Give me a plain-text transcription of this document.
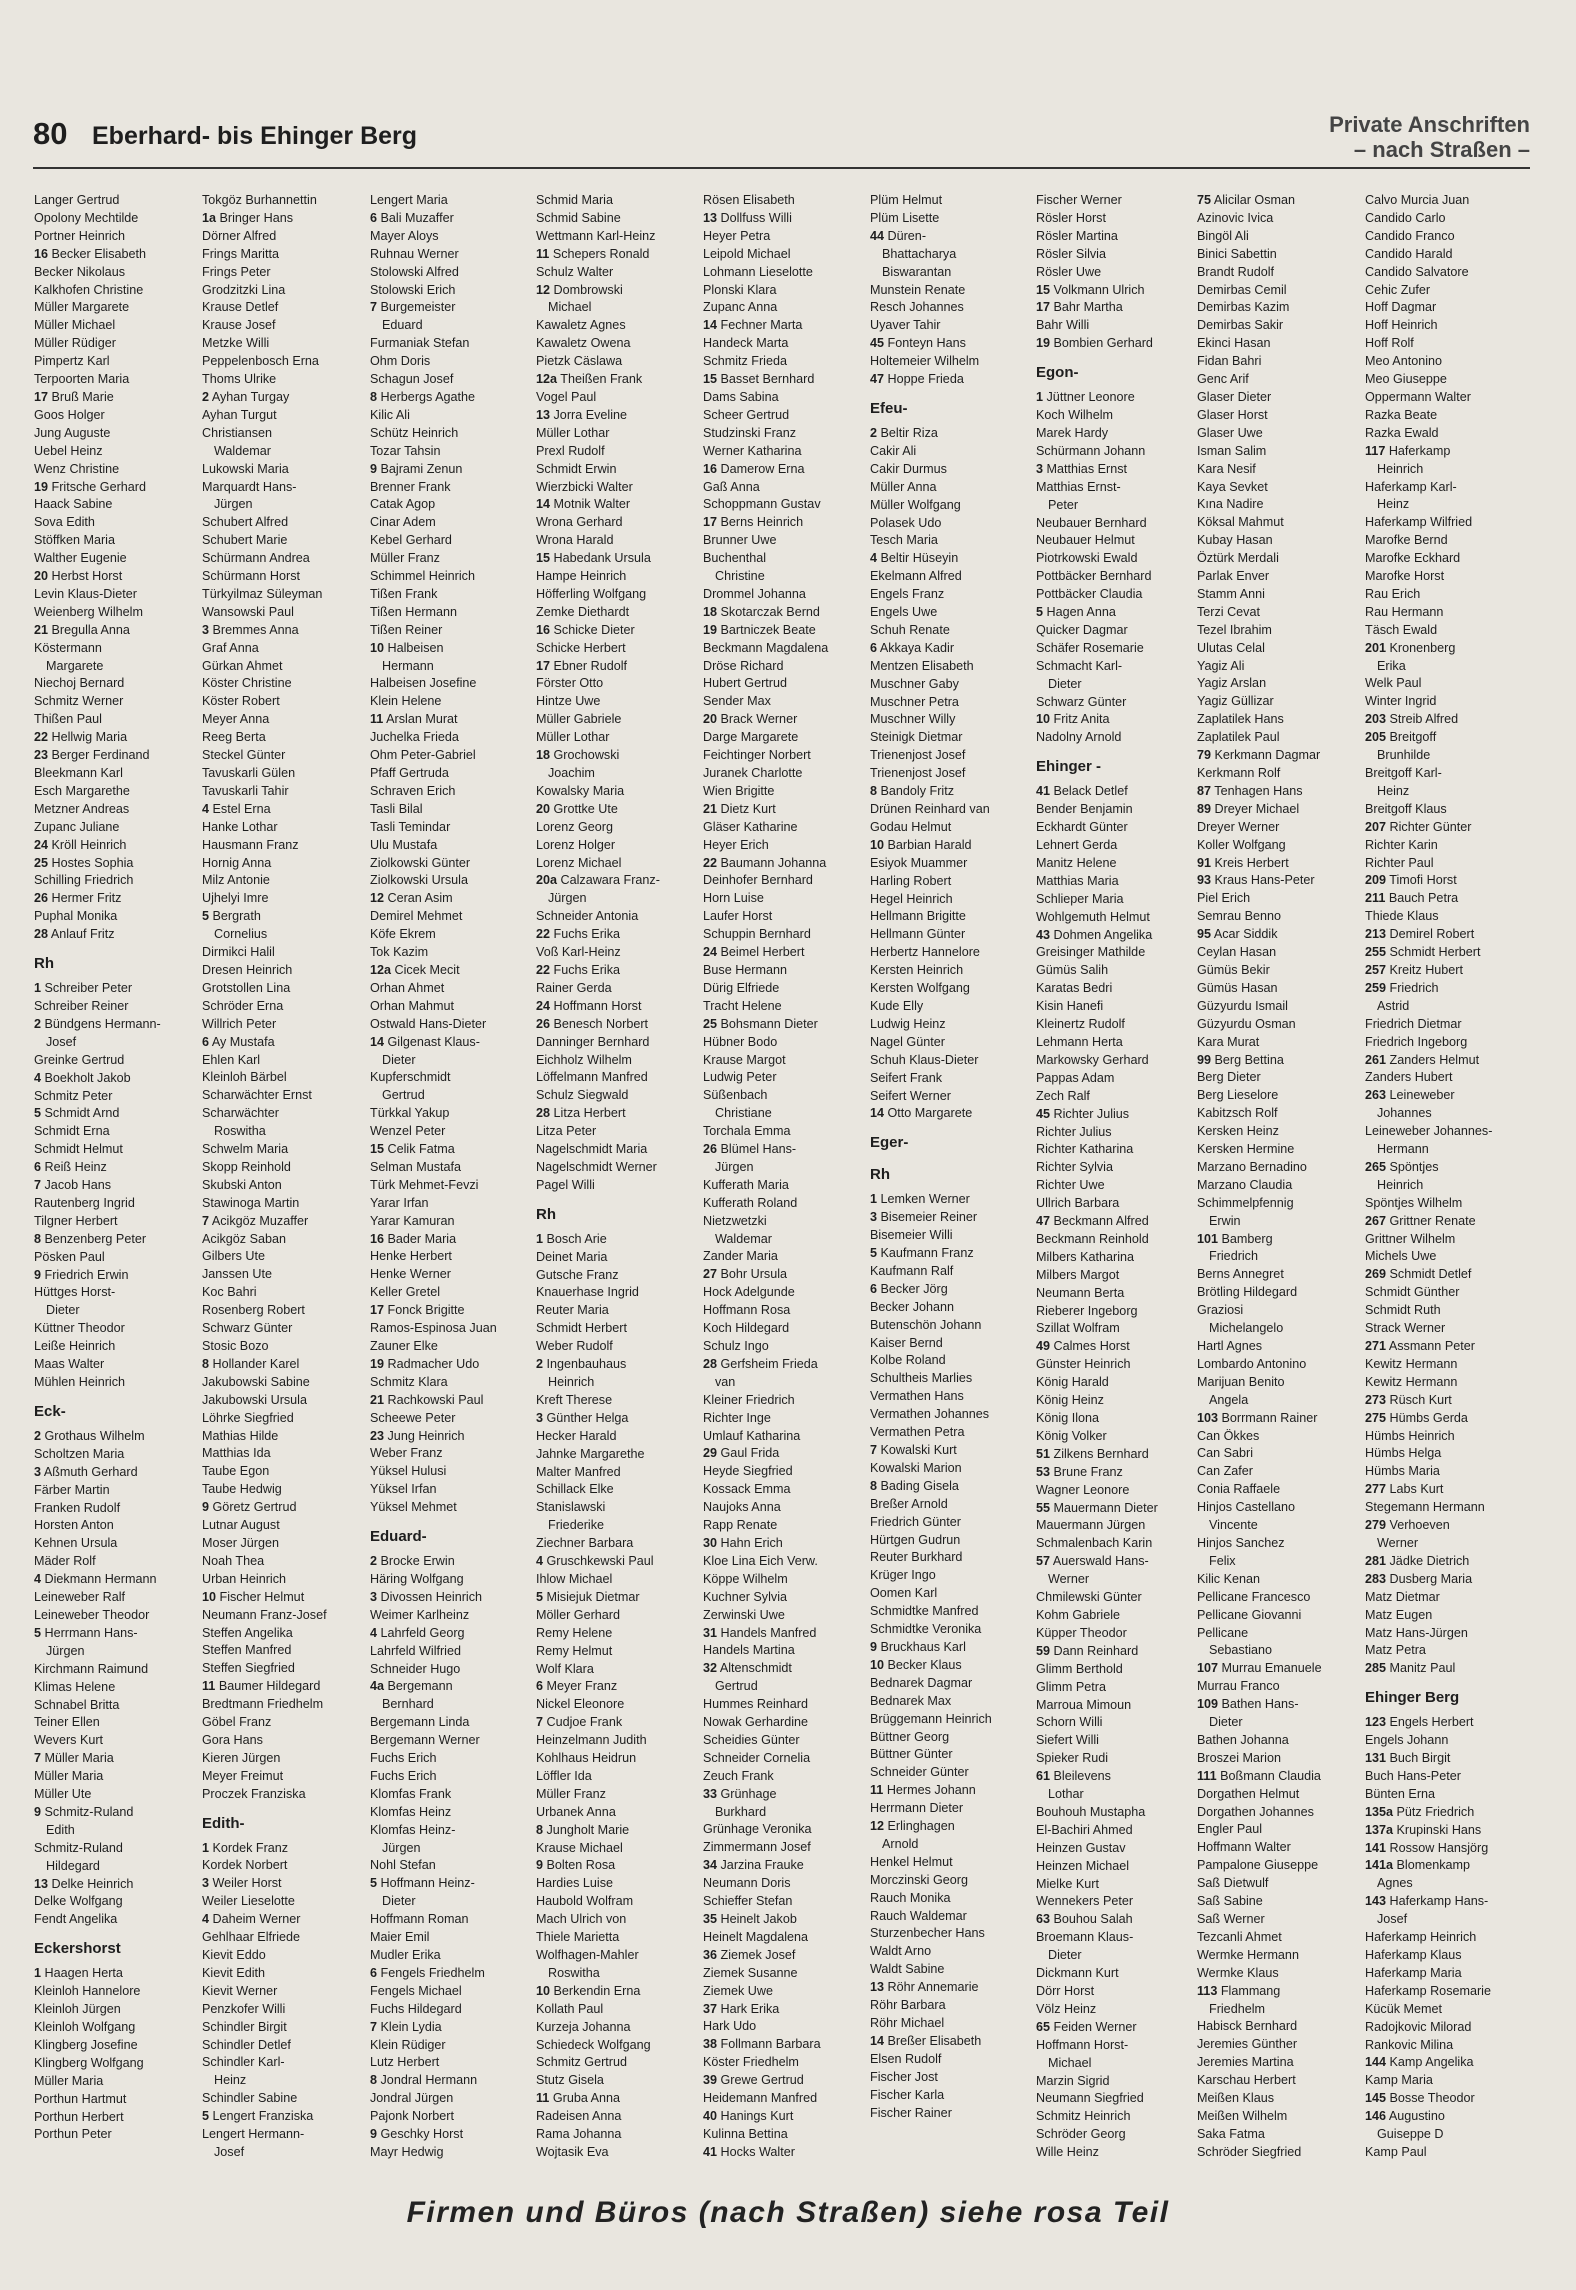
80 Eberhard- bis Ehinger Berg	Private Anschriften
– nach Straßen –
Langer Gertrud
Opolony Mechtilde
Portner Heinrich
16 Becker Elisabeth
Becker Nikolaus
Kalkhofen Christine
Müller Margarete
Müller Michael
Müller Rüdiger
Pimpertz Karl
Terpoorten Maria
17 Bruß Marie
Goos Holger
Jung Auguste
Uebel Heinz
Wenz Christine
19 Fritsche Gerhard
Haack Sabine
Sova Edith
Stöffken Maria
Walther Eugenie
20 Herbst Horst
Levin Klaus-Dieter
Weienberg Wilhelm
21 Bregulla Anna
Köstermann
Margarete
Niechoj Bernard
Schmitz Werner
Thißen Paul
22 Hellwig Maria
23 Berger Ferdinand
Bleekmann Karl
Esch Margarethe
Metzner Andreas
Zupanc Juliane
24 Kröll Heinrich
25 Hostes Sophia
Schilling Friedrich
26 Hermer Fritz
Puphal Monika
28 Anlauf Fritz
Rh
1 Schreiber Peter
Schreiber Reiner
2 Bündgens Hermann-
Josef
Greinke Gertrud
4 Boekholt Jakob
Schmitz Peter
5 Schmidt Arnd
Schmidt Erna
Schmidt Helmut
6 Reiß Heinz
7 Jacob Hans
Rautenberg Ingrid
Tilgner Herbert
8 Benzenberg Peter
Pösken Paul
9 Friedrich Erwin
Hüttges Horst-
Dieter
Küttner Theodor
Leiße Heinrich
Maas Walter
Mühlen Heinrich
Eck-
2 Grothaus Wilhelm
Scholtzen Maria
3 Aßmuth Gerhard
Färber Martin
Franken Rudolf
Horsten Anton
Kehnen Ursula
Mäder Rolf
4 Diekmann Hermann
Leineweber Ralf
Leineweber Theodor
5 Herrmann Hans-
Jürgen
Kirchmann Raimund
Klimas Helene
Schnabel Britta
Teiner Ellen
Wevers Kurt
7 Müller Maria
Müller Maria
Müller Ute
9 Schmitz-Ruland
Edith
Schmitz-Ruland
Hildegard
13 Delke Heinrich
Delke Wolfgang
Fendt Angelika
Eckershorst
1 Haagen Herta
Kleinloh Hannelore
Kleinloh Jürgen
Kleinloh Wolfgang
Klingberg Josefine
Klingberg Wolfgang
Müller Maria
Porthun Hartmut
Porthun Herbert
Porthun Peter
Tokgöz Burhannettin
1a Bringer Hans
Dörner Alfred
Frings Maritta
Frings Peter
Grodzitzki Lina
Krause Detlef
Krause Josef
Metzke Willi
Peppelenbosch Erna
Thoms Ulrike
2 Ayhan Turgay
Ayhan Turgut
Christiansen
Waldemar
Lukowski Maria
Marquardt Hans-
Jürgen
Schubert Alfred
Schubert Marie
Schürmann Andrea
Schürmann Horst
Türkyilmaz Süleyman
Wansowski Paul
3 Bremmes Anna
Graf Anna
Gürkan Ahmet
Köster Christine
Köster Robert
Meyer Anna
Reeg Berta
Steckel Günter
Tavuskarli Gülen
Tavuskarli Tahir
4 Estel Erna
Hanke Lothar
Hausmann Franz
Hornig Anna
Milz Antonie
Ujhelyi Imre
5 Bergrath
Cornelius
Dirmikci Halil
Dresen Heinrich
Grotstollen Lina
Schröder Erna
Willrich Peter
6 Ay Mustafa
Ehlen Karl
Kleinloh Bärbel
Scharwächter Ernst
Scharwächter
Roswitha
Schwelm Maria
Skopp Reinhold
Skubski Anton
Stawinoga Martin
7 Acikgöz Muzaffer
Acikgöz Saban
Gilbers Ute
Janssen Ute
Koc Bahri
Rosenberg Robert
Schwarz Günter
Stosic Bozo
8 Hollander Karel
Jakubowski Sabine
Jakubowski Ursula
Löhrke Siegfried
Mathias Hilde
Matthias Ida
Taube Egon
Taube Hedwig
9 Göretz Gertrud
Lutnar August
Moser Jürgen
Noah Thea
Urban Heinrich
10 Fischer Helmut
Neumann Franz-Josef
Steffen Angelika
Steffen Manfred
Steffen Siegfried
11 Baumer Hildegard
Bredtmann Friedhelm
Göbel Franz
Gora Hans
Kieren Jürgen
Meyer Freimut
Proczek Franziska
Edith-
1 Kordek Franz
Kordek Norbert
3 Weiler Horst
Weiler Lieselotte
4 Daheim Werner
Gehlhaar Elfriede
Kievit Eddo
Kievit Edith
Kievit Werner
Penzkofer Willi
Schindler Birgit
Schindler Detlef
Schindler Karl-
Heinz
Schindler Sabine
5 Lengert Franziska
Lengert Hermann-
Josef
Lengert Maria
6 Bali Muzaffer
Mayer Aloys
Ruhnau Werner
Stolowski Alfred
Stolowski Erich
7 Burgemeister
Eduard
Furmaniak Stefan
Ohm Doris
Schagun Josef
8 Herbergs Agathe
Kilic Ali
Schütz Heinrich
Tozar Tahsin
9 Bajrami Zenun
Brenner Frank
Catak Agop
Cinar Adem
Kebel Gerhard
Müller Franz
Schimmel Heinrich
Tißen Frank
Tißen Hermann
Tißen Reiner
10 Halbeisen
Hermann
Halbeisen Josefine
Klein Helene
11 Arslan Murat
Juchelka Frieda
Ohm Peter-Gabriel
Pfaff Gertruda
Schraven Erich
Tasli Bilal
Tasli Temindar
Ulu Mustafa
Ziolkowski Günter
Ziolkowski Ursula
12 Ceran Asim
Demirel Mehmet
Köfe Ekrem
Tok Kazim
12a Cicek Mecit
Orhan Ahmet
Orhan Mahmut
Ostwald Hans-Dieter
14 Gilgenast Klaus-
Dieter
Kupferschmidt
Gertrud
Türkkal Yakup
Wenzel Peter
15 Celik Fatma
Selman Mustafa
Türk Mehmet-Fevzi
Yarar Irfan
Yarar Kamuran
16 Bader Maria
Henke Herbert
Henke Werner
Keller Gretel
17 Fonck Brigitte
Ramos-Espinosa Juan
Zauner Elke
19 Radmacher Udo
Schmitz Klara
21 Rachkowski Paul
Scheewe Peter
23 Jung Heinrich
Weber Franz
Yüksel Hulusi
Yüksel Irfan
Yüksel Mehmet
Eduard-
2 Brocke Erwin
Häring Wolfgang
3 Divossen Heinrich
Weimer Karlheinz
4 Lahrfeld Georg
Lahrfeld Wilfried
Schneider Hugo
4a Bergemann
Bernhard
Bergemann Linda
Bergemann Werner
Fuchs Erich
Fuchs Erich
Klomfas Frank
Klomfas Heinz
Klomfas Heinz-
Jürgen
Nohl Stefan
5 Hoffmann Heinz-
Dieter
Hoffmann Roman
Maier Emil
Mudler Erika
6 Fengels Friedhelm
Fengels Michael
Fuchs Hildegard
7 Klein Lydia
Klein Rüdiger
Lutz Herbert
8 Jondral Hermann
Jondral Jürgen
Pajonk Norbert
9 Geschky Horst
Mayr Hedwig
Schmid Maria
Schmid Sabine
Wettmann Karl-Heinz
11 Schepers Ronald
Schulz Walter
12 Dombrowski
Michael
Kawaletz Agnes
Kawaletz Owena
Pietzk Cäslawa
12a Theißen Frank
Vogel Paul
13 Jorra Eveline
Müller Lothar
Prexl Rudolf
Schmidt Erwin
Wierzbicki Walter
14 Motnik Walter
Wrona Gerhard
Wrona Harald
15 Habedank Ursula
Hampe Heinrich
Höfferling Wolfgang
Zemke Diethardt
16 Schicke Dieter
Schicke Herbert
17 Ebner Rudolf
Förster Otto
Hintze Uwe
Müller Gabriele
Müller Lothar
18 Grochowski
Joachim
Kowalsky Maria
20 Grottke Ute
Lorenz Georg
Lorenz Holger
Lorenz Michael
20a Calzawara Franz-
Jürgen
Schneider Antonia
22 Fuchs Erika
Voß Karl-Heinz
22 Fuchs Erika
Rainer Gerda
24 Hoffmann Horst
26 Benesch Norbert
Danninger Bernhard
Eichholz Wilhelm
Löffelmann Manfred
Schulz Siegwald
28 Litza Herbert
Litza Peter
Nagelschmidt Maria
Nagelschmidt Werner
Pagel Willi
Rh
1 Bosch Arie
Deinet Maria
Gutsche Franz
Knauerhase Ingrid
Reuter Maria
Schmidt Herbert
Weber Rudolf
2 Ingenbauhaus
Heinrich
Kreft Therese
3 Günther Helga
Hecker Harald
Jahnke Margarethe
Malter Manfred
Schillack Elke
Stanislawski
Friederike
Ziechner Barbara
4 Gruschkewski Paul
Ihlow Michael
5 Misiejuk Dietmar
Möller Gerhard
Remy Helene
Remy Helmut
Wolf Klara
6 Meyer Franz
Nickel Eleonore
7 Cudjoe Frank
Heinzelmann Judith
Kohlhaus Heidrun
Löffler Ida
Müller Franz
Urbanek Anna
8 Jungholt Marie
Krause Michael
9 Bolten Rosa
Hardies Luise
Haubold Wolfram
Mach Ulrich von
Thiele Marietta
Wolfhagen-Mahler
Roswitha
10 Berkendin Erna
Kollath Paul
Kurzeja Johanna
Schiedeck Wolfgang
Schmitz Gertrud
Stutz Gisela
11 Gruba Anna
Radeisen Anna
Rama Johanna
Wojtasik Eva
Rösen Elisabeth
13 Dollfuss Willi
Heyer Petra
Leipold Michael
Lohmann Lieselotte
Plonski Klara
Zupanc Anna
14 Fechner Marta
Handeck Marta
Schmitz Frieda
15 Basset Bernhard
Dams Sabina
Scheer Gertrud
Studzinski Franz
Werner Katharina
16 Damerow Erna
Gaß Anna
Schoppmann Gustav
17 Berns Heinrich
Brunner Uwe
Buchenthal
Christine
Drommel Johanna
18 Skotarczak Bernd
19 Bartniczek Beate
Beckmann Magdalena
Dröse Richard
Hubert Gertrud
Sender Max
20 Brack Werner
Darge Margarete
Feichtinger Norbert
Juranek Charlotte
Wien Brigitte
21 Dietz Kurt
Gläser Katharine
Heyer Erich
22 Baumann Johanna
Deinhofer Bernhard
Horn Luise
Laufer Horst
Schuppin Bernhard
24 Beimel Herbert
Buse Hermann
Dürig Elfriede
Tracht Helene
25 Bohsmann Dieter
Hübner Bodo
Krause Margot
Ludwig Peter
Süßenbach
Christiane
Torchala Emma
26 Blümel Hans-
Jürgen
Kufferath Maria
Kufferath Roland
Nietzwetzki
Waldemar
Zander Maria
27 Bohr Ursula
Hock Adelgunde
Hoffmann Rosa
Koch Hildegard
Schulz Ingo
28 Gerfsheim Frieda
van
Kleiner Friedrich
Richter Inge
Umlauf Katharina
29 Gaul Frida
Heyde Siegfried
Kossack Emma
Naujoks Anna
Rapp Renate
30 Hahn Erich
Kloe Lina Eich Verw.
Köppe Wilhelm
Kuchner Sylvia
Zerwinski Uwe
31 Handels Manfred
Handels Martina
32 Altenschmidt
Gertrud
Hummes Reinhard
Nowak Gerhardine
Scheidies Günter
Schneider Cornelia
Zeuch Frank
33 Grünhage
Burkhard
Grünhage Veronika
Zimmermann Josef
34 Jarzina Frauke
Neumann Doris
Schieffer Stefan
35 Heinelt Jakob
Heinelt Magdalena
36 Ziemek Josef
Ziemek Susanne
Ziemek Uwe
37 Hark Erika
Hark Udo
38 Follmann Barbara
Köster Friedhelm
39 Grewe Gertrud
Heidemann Manfred
40 Hanings Kurt
Kulinna Bettina
41 Hocks Walter
Plüm Helmut
Plüm Lisette
44 Düren-
Bhattacharya
Biswarantan
Munstein Renate
Resch Johannes
Uyaver Tahir
45 Fonteyn Hans
Holtemeier Wilhelm
47 Hoppe Frieda
Efeu-
2 Beltir Riza
Cakir Ali
Cakir Durmus
Müller Anna
Müller Wolfgang
Polasek Udo
Tesch Maria
4 Beltir Hüseyin
Ekelmann Alfred
Engels Franz
Engels Uwe
Schuh Renate
6 Akkaya Kadir
Mentzen Elisabeth
Muschner Gaby
Muschner Petra
Muschner Willy
Steinigk Dietmar
Trienenjost Josef
Trienenjost Josef
8 Bandoly Fritz
Drünen Reinhard van
Godau Helmut
10 Barbian Harald
Esiyok Muammer
Harling Robert
Hegel Heinrich
Hellmann Brigitte
Hellmann Günter
Herbertz Hannelore
Kersten Heinrich
Kersten Wolfgang
Kude Elly
Ludwig Heinz
Nagel Günter
Schuh Klaus-Dieter
Seifert Frank
Seifert Werner
14 Otto Margarete
Eger-
Rh
1 Lemken Werner
3 Bisemeier Reiner
Bisemeier Willi
5 Kaufmann Franz
Kaufmann Ralf
6 Becker Jörg
Becker Johann
Butenschön Johann
Kaiser Bernd
Kolbe Roland
Schultheis Marlies
Vermathen Hans
Vermathen Johannes
Vermathen Petra
7 Kowalski Kurt
Kowalski Marion
8 Bading Gisela
Breßer Arnold
Friedrich Günter
Hürtgen Gudrun
Reuter Burkhard
Krüger Ingo
Oomen Karl
Schmidtke Manfred
Schmidtke Veronika
9 Bruckhaus Karl
10 Becker Klaus
Bednarek Dagmar
Bednarek Max
Brüggemann Heinrich
Büttner Georg
Büttner Günter
Schneider Günter
11 Hermes Johann
Herrmann Dieter
12 Erlinghagen
Arnold
Henkel Helmut
Morczinski Georg
Rauch Monika
Rauch Waldemar
Sturzenbecher Hans
Waldt Arno
Waldt Sabine
13 Röhr Annemarie
Röhr Barbara
Röhr Michael
14 Breßer Elisabeth
Elsen Rudolf
Fischer Jost
Fischer Karla
Fischer Rainer
Fischer Werner
Rösler Horst
Rösler Martina
Rösler Silvia
Rösler Uwe
15 Volkmann Ulrich
17 Bahr Martha
Bahr Willi
19 Bombien Gerhard
Egon-
1 Jüttner Leonore
Koch Wilhelm
Marek Hardy
Schürmann Johann
3 Matthias Ernst
Matthias Ernst-
Peter
Neubauer Bernhard
Neubauer Helmut
Piotrkowski Ewald
Pottbäcker Bernhard
Pottbäcker Claudia
5 Hagen Anna
Quicker Dagmar
Schäfer Rosemarie
Schmacht Karl-
Dieter
Schwarz Günter
10 Fritz Anita
Nadolny Arnold
Ehinger -
41 Belack Detlef
Bender Benjamin
Eckhardt Günter
Lehnert Gerda
Manitz Helene
Matthias Maria
Schlieper Maria
Wohlgemuth Helmut
43 Dohmen Angelika
Greisinger Mathilde
Gümüs Salih
Karatas Bedri
Kisin Hanefi
Kleinertz Rudolf
Lehmann Herta
Markowsky Gerhard
Pappas Adam
Zech Ralf
45 Richter Julius
Richter Julius
Richter Katharina
Richter Sylvia
Richter Uwe
Ullrich Barbara
47 Beckmann Alfred
Beckmann Reinhold
Milbers Katharina
Milbers Margot
Neumann Berta
Rieberer Ingeborg
Szillat Wolfram
49 Calmes Horst
Günster Heinrich
König Harald
König Heinz
König Ilona
König Volker
51 Zilkens Bernhard
53 Brune Franz
Wagner Leonore
55 Mauermann Dieter
Mauermann Jürgen
Schmalenbach Karin
57 Auerswald Hans-
Werner
Chmilewski Günter
Kohm Gabriele
Küpper Theodor
59 Dann Reinhard
Glimm Berthold
Glimm Petra
Marroua Mimoun
Schorn Willi
Siefert Willi
Spieker Rudi
61 Bleilevens
Lothar
Bouhouh Mustapha
El-Bachiri Ahmed
Heinzen Gustav
Heinzen Michael
Mielke Kurt
Wennekers Peter
63 Bouhou Salah
Broemann Klaus-
Dieter
Dickmann Kurt
Dörr Horst
Völz Heinz
65 Feiden Werner
Hoffmann Horst-
Michael
Marzin Sigrid
Neumann Siegfried
Schmitz Heinrich
Schröder Georg
Wille Heinz
75 Alicilar Osman
Azinovic Ivica
Bingöl Ali
Binici Sabettin
Brandt Rudolf
Demirbas Cemil
Demirbas Kazim
Demirbas Sakir
Ekinci Hasan
Fidan Bahri
Genc Arif
Glaser Dieter
Glaser Horst
Glaser Uwe
Isman Salim
Kara Nesif
Kaya Sevket
Kına Nadire
Köksal Mahmut
Kubay Hasan
Öztürk Merdali
Parlak Enver
Stamm Anni
Terzi Cevat
Tezel Ibrahim
Ulutas Celal
Yagiz Ali
Yagiz Arslan
Yagiz Güllizar
Zaplatilek Hans
Zaplatilek Paul
79 Kerkmann Dagmar
Kerkmann Rolf
87 Tenhagen Hans
89 Dreyer Michael
Dreyer Werner
Koller Wolfgang
91 Kreis Herbert
93 Kraus Hans-Peter
Piel Erich
Semrau Benno
95 Acar Siddik
Ceylan Hasan
Gümüs Bekir
Gümüs Hasan
Güzyurdu Ismail
Güzyurdu Osman
Kara Murat
99 Berg Bettina
Berg Dieter
Berg Lieselore
Kabitzsch Rolf
Kersken Heinz
Kersken Hermine
Marzano Bernadino
Marzano Claudia
Schimmelpfennig
Erwin
101 Bamberg
Friedrich
Berns Annegret
Brötling Hildegard
Graziosi
Michelangelo
Hartl Agnes
Lombardo Antonino
Marijuan Benito
Angela
103 Borrmann Rainer
Can Ökkes
Can Sabri
Can Zafer
Conia Raffaele
Hinjos Castellano
Vincente
Hinjos Sanchez
Felix
Kilic Kenan
Pellicane Francesco
Pellicane Giovanni
Pellicane
Sebastiano
107 Murrau Emanuele
Murrau Franco
109 Bathen Hans-
Dieter
Bathen Johanna
Broszei Marion
111 Boßmann Claudia
Dorgathen Helmut
Dorgathen Johannes
Engler Paul
Hoffmann Walter
Pampalone Giuseppe
Saß Dietwulf
Saß Sabine
Saß Werner
Tezcanli Ahmet
Wermke Hermann
Wermke Klaus
113 Flammang
Friedhelm
Habisck Bernhard
Jeremies Günther
Jeremies Martina
Karschau Herbert
Meißen Klaus
Meißen Wilhelm
Saka Fatma
Schröder Siegfried
Calvo Murcia Juan
Candido Carlo
Candido Franco
Candido Harald
Candido Salvatore
Cehic Zufer
Hoff Dagmar
Hoff Heinrich
Hoff Rolf
Meo Antonino
Meo Giuseppe
Oppermann Walter
Razka Beate
Razka Ewald
117 Haferkamp
Heinrich
Haferkamp Karl-
Heinz
Haferkamp Wilfried
Marofke Bernd
Marofke Eckhard
Marofke Horst
Rau Erich
Rau Hermann
Täsch Ewald
201 Kronenberg
Erika
Welk Paul
Winter Ingrid
203 Streib Alfred
205 Breitgoff
Brunhilde
Breitgoff Karl-
Heinz
Breitgoff Klaus
207 Richter Günter
Richter Karin
Richter Paul
209 Timofi Horst
211 Bauch Petra
Thiede Klaus
213 Demirel Robert
255 Schmidt Herbert
257 Kreitz Hubert
259 Friedrich
Astrid
Friedrich Dietmar
Friedrich Ingeborg
261 Zanders Helmut
Zanders Hubert
263 Leineweber
Johannes
Leineweber Johannes-
Hermann
265 Spöntjes
Heinrich
Spöntjes Wilhelm
267 Grittner Renate
Grittner Wilhelm
Michels Uwe
269 Schmidt Detlef
Schmidt Günther
Schmidt Ruth
Strack Werner
271 Assmann Peter
Kewitz Hermann
Kewitz Hermann
273 Rüsch Kurt
275 Hümbs Gerda
Hümbs Heinrich
Hümbs Helga
Hümbs Maria
277 Labs Kurt
Stegemann Hermann
279 Verhoeven
Werner
281 Jädke Dietrich
283 Dusberg Maria
Matz Dietmar
Matz Eugen
Matz Hans-Jürgen
Matz Petra
285 Manitz Paul
Ehinger Berg
123 Engels Herbert
Engels Johann
131 Buch Birgit
Buch Hans-Peter
Bünten Erna
135a Pütz Friedrich
137a Krupinski Hans
141 Rossow Hansjörg
141a Blomenkamp
Agnes
143 Haferkamp Hans-
Josef
Haferkamp Heinrich
Haferkamp Klaus
Haferkamp Maria
Haferkamp Rosemarie
Kücük Memet
Radojkovic Milorad
Rankovic Milina
144 Kamp Angelika
Kamp Maria
145 Bosse Theodor
146 Augustino
Guiseppe D
Kamp Paul
Firmen und Büros (nach Straßen) siehe rosa Teil
